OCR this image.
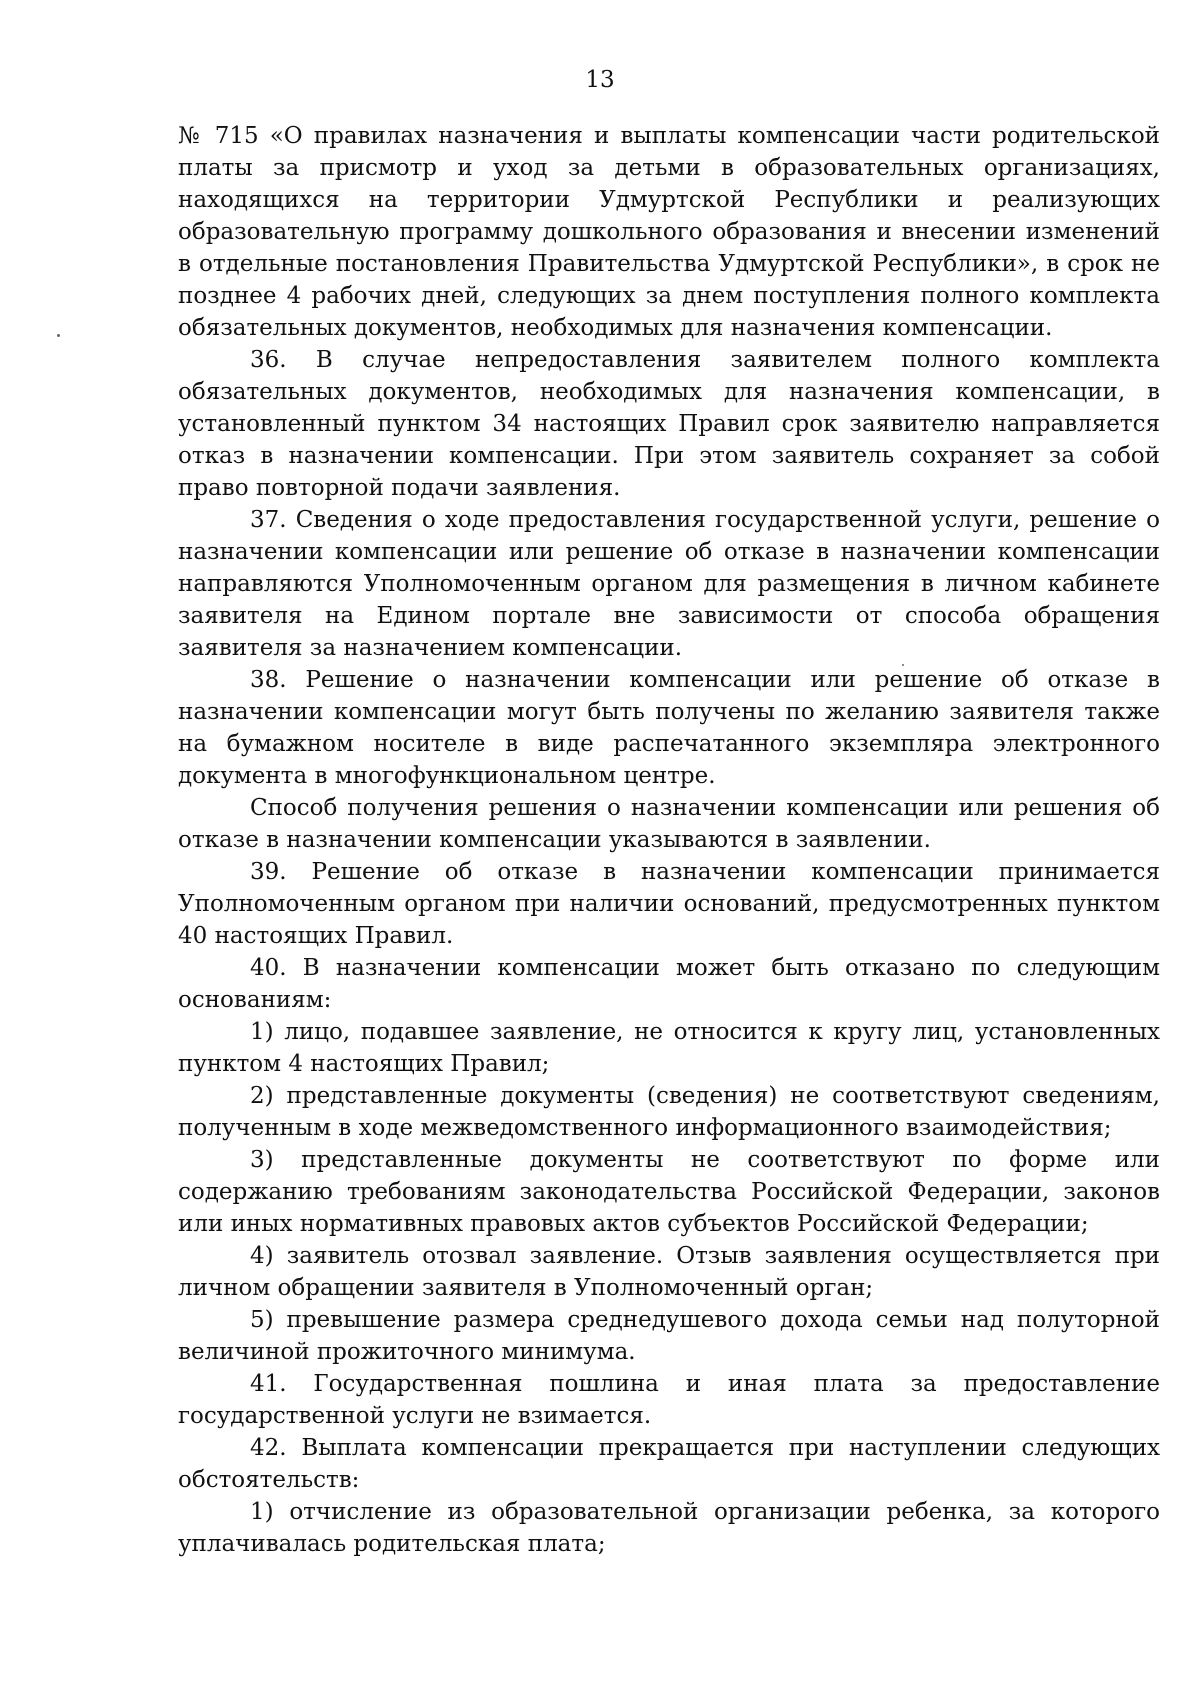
13

№ 715 «О правилах назначения и выплаты компенсации части родительской платы за присмотр и уход за детьми в образовательных организациях, находящихся на территории Удмуртской Республики и реализующих образовательную программу дошкольного образования и внесении изменений в отдельные постановления Правительства Удмуртской Республики», в срок не позднее 4 рабочих дней, следующих за днем поступления полного комплекта обязательных документов, необходимых для назначения компенсации.

36. В случае непредоставления заявителем полного комплекта обязательных документов, необходимых для назначения компенсации, в установленный пунктом 34 настоящих Правил срок заявителю направляется отказ в назначении компенсации. При этом заявитель сохраняет за собой право повторной подачи заявления.

37. Сведения о ходе предоставления государственной услуги, решение о назначении компенсации или решение об отказе в назначении компенсации направляются Уполномоченным органом для размещения в личном кабинете заявителя на Едином портале вне зависимости от способа обращения заявителя за назначением компенсации.

38. Решение о назначении компенсации или решение об отказе в назначении компенсации могут быть получены по желанию заявителя также на бумажном носителе в виде распечатанного экземпляра электронного документа в многофункциональном центре.

Способ получения решения о назначении компенсации или решения об отказе в назначении компенсации указываются в заявлении.

39. Решение об отказе в назначении компенсации принимается Уполномоченным органом при наличии оснований, предусмотренных пунктом 40 настоящих Правил.

40. В назначении компенсации может быть отказано по следующим основаниям:

1) лицо, подавшее заявление, не относится к кругу лиц, установленных пунктом 4 настоящих Правил;

2) представленные документы (сведения) не соответствуют сведениям, полученным в ходе межведомственного информационного взаимодействия;

3) представленные документы не соответствуют по форме или содержанию требованиям законодательства Российской Федерации, законов или иных нормативных правовых актов субъектов Российской Федерации;

4) заявитель отозвал заявление. Отзыв заявления осуществляется при личном обращении заявителя в Уполномоченный орган;

5) превышение размера среднедушевого дохода семьи над полуторной величиной прожиточного минимума.

41. Государственная пошлина и иная плата за предоставление государственной услуги не взимается.

42. Выплата компенсации прекращается при наступлении следующих обстоятельств:

1) отчисление из образовательной организации ребенка, за которого уплачивалась родительская плата;
